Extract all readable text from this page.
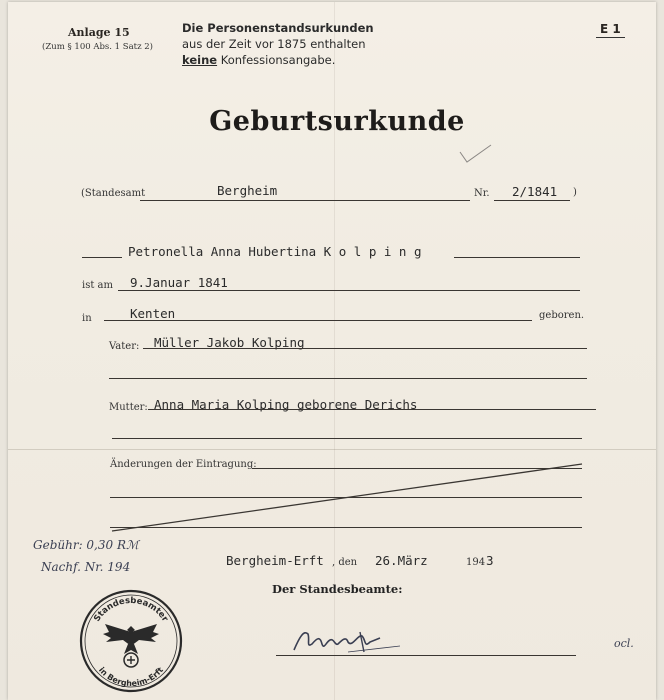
Anlage 15
(Zum § 100 Abs. 1 Satz 2)
Die Personenstandsurkunden
aus der Zeit vor 1875 enthalten
keine Konfessionsangabe.
E 1
Geburtsurkunde
(Standesamt	Bergheim	Nr. 2/1841 )
Petronella Anna Hubertina K o l p i n g
ist am 9.Januar 1841
in	Kenten	geboren.
Vater: Müller Jakob Kolping
Mutter: Anna Maria Kolping geborene Derichs
Änderungen der Eintragung:
Gebühr: 0,30 Rℳ
Nachf. Nr. 194	Bergheim-Erft , den 26.März	194 3
Der Standesbeamte:
Standesbeamter
in Bergheim-Erft
ocl.
